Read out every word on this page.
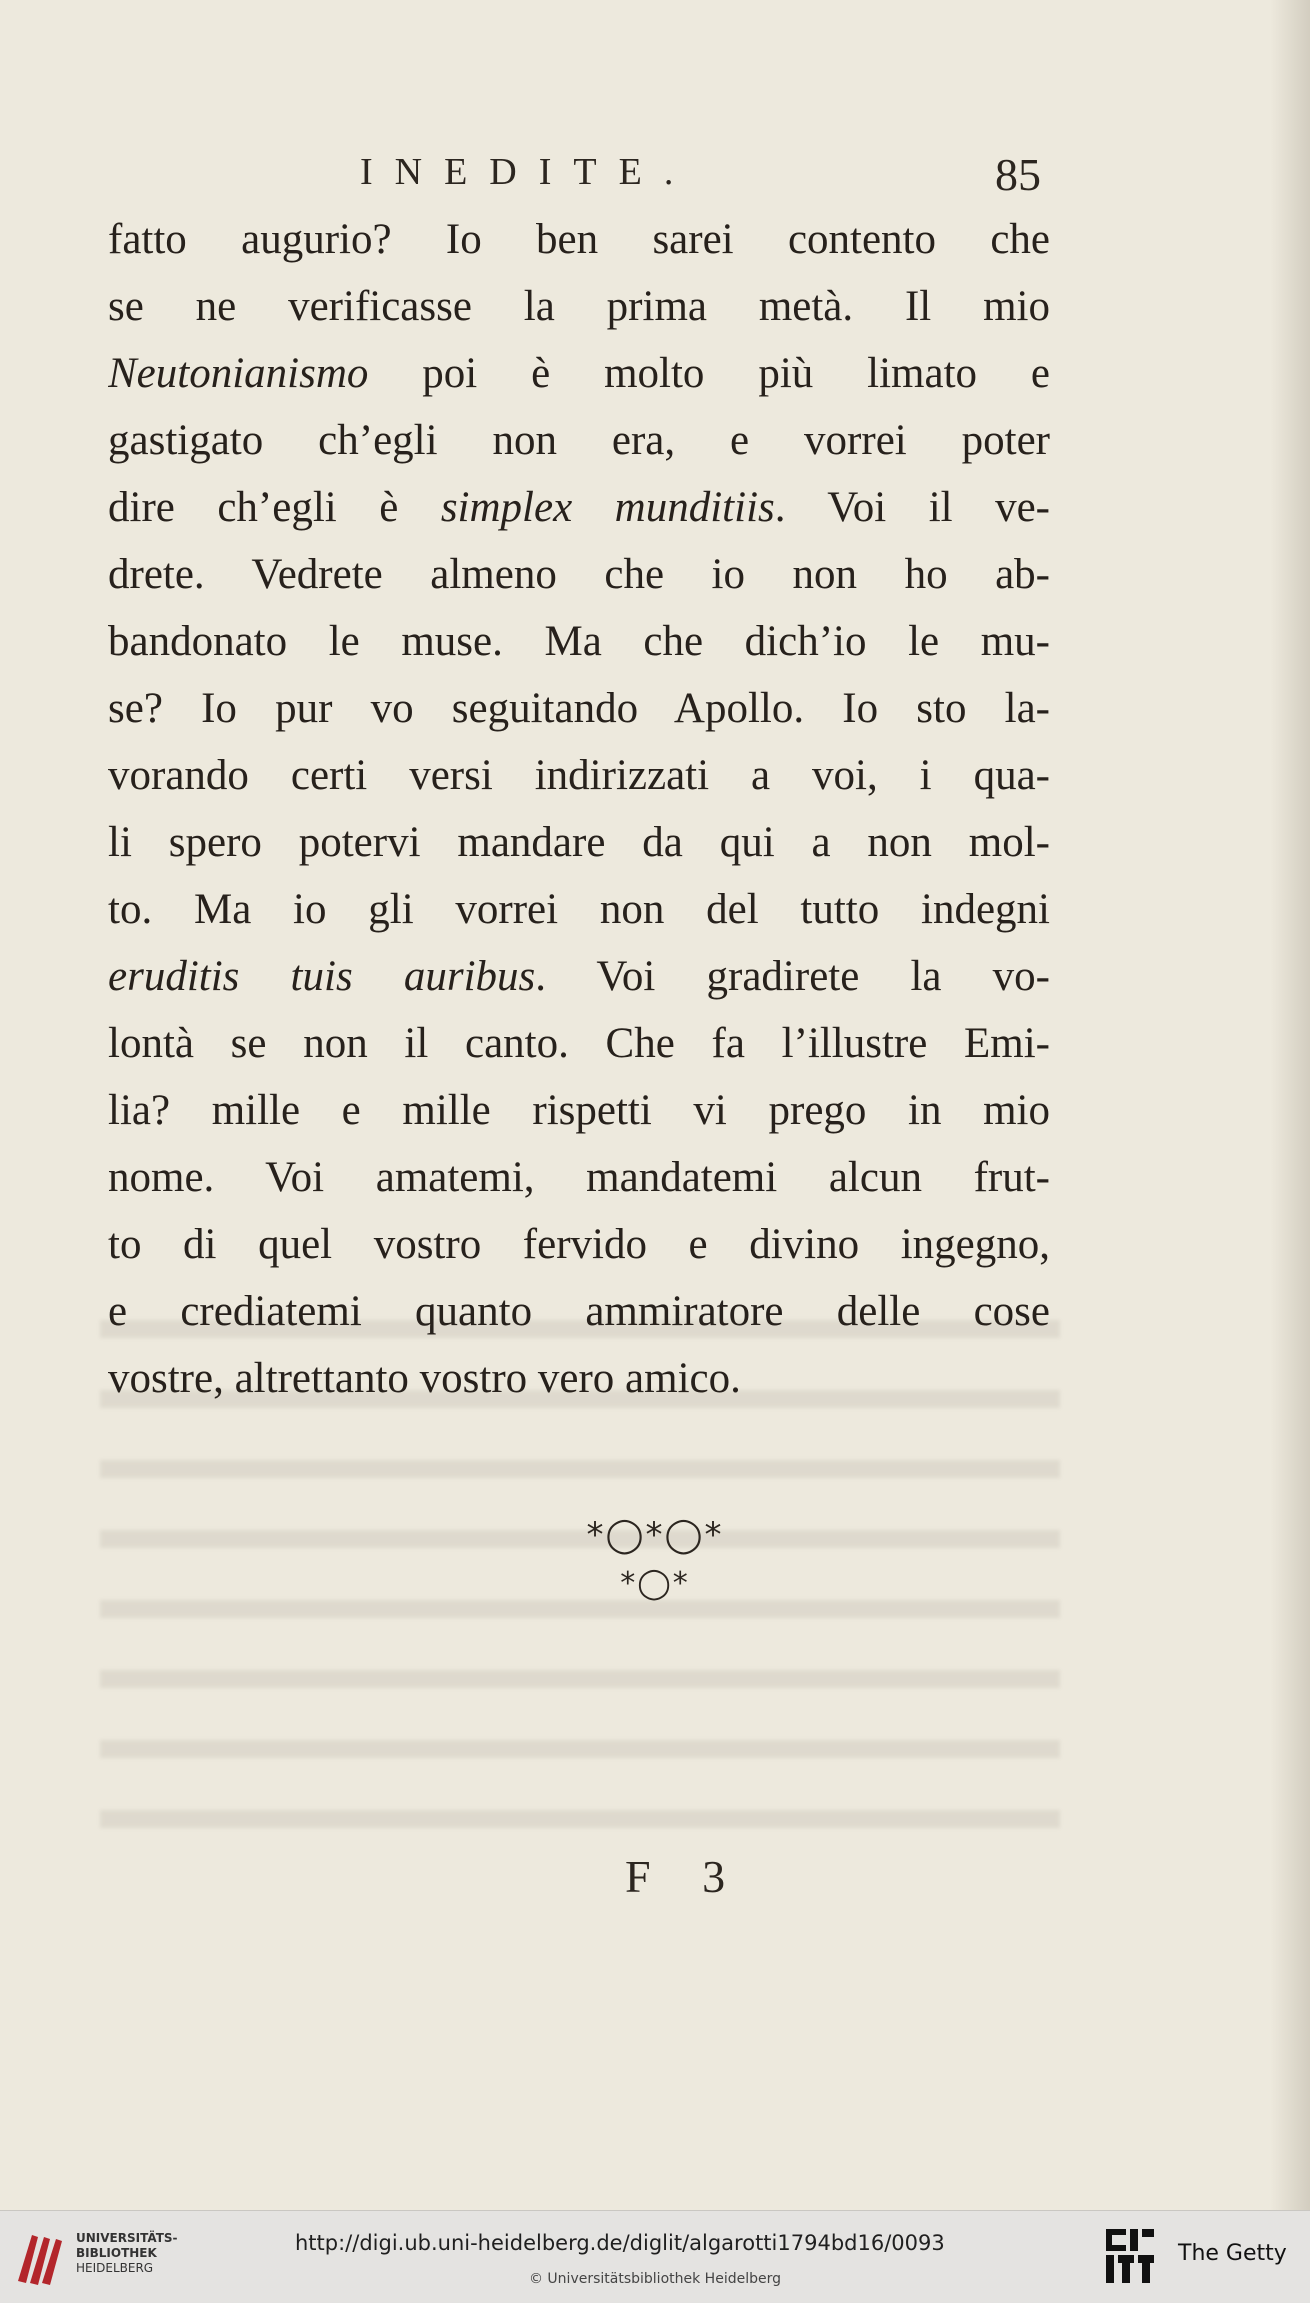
INEDITE.	85
fatto augurio? Io ben sarei contento che
se ne verificasse la prima metà. Il mio
Neutonianismo poi è molto più limato e
gastigato ch’egli non era, e vorrei poter
dire ch’egli è simplex munditiis. Voi il ve-
drete. Vedrete almeno che io non ho ab-
bandonato le muse. Ma che dich’io le mu-
se? Io pur vo seguitando Apollo. Io sto la-
vorando certi versi indirizzati a voi, i qua-
li spero potervi mandare da qui a non mol-
to. Ma io gli vorrei non del tutto indegni
eruditis tuis auribus. Voi gradirete la vo-
lontà se non il canto. Che fa l’illustre Emi-
lia? mille e mille rispetti vi prego in mio
nome. Voi amatemi, mandatemi alcun frut-
to di quel vostro fervido e divino ingegno,
e crediatemi quanto ammiratore delle cose
vostre, altrettanto vostro vero amico.
*◯*◯*
*◯*
F 3
UNIVERSITÄTS-
BIBLIOTHEK
HEIDELBERG
http://digi.ub.uni-heidelberg.de/diglit/algarotti1794bd16/0093
© Universitätsbibliothek Heidelberg
The Getty
